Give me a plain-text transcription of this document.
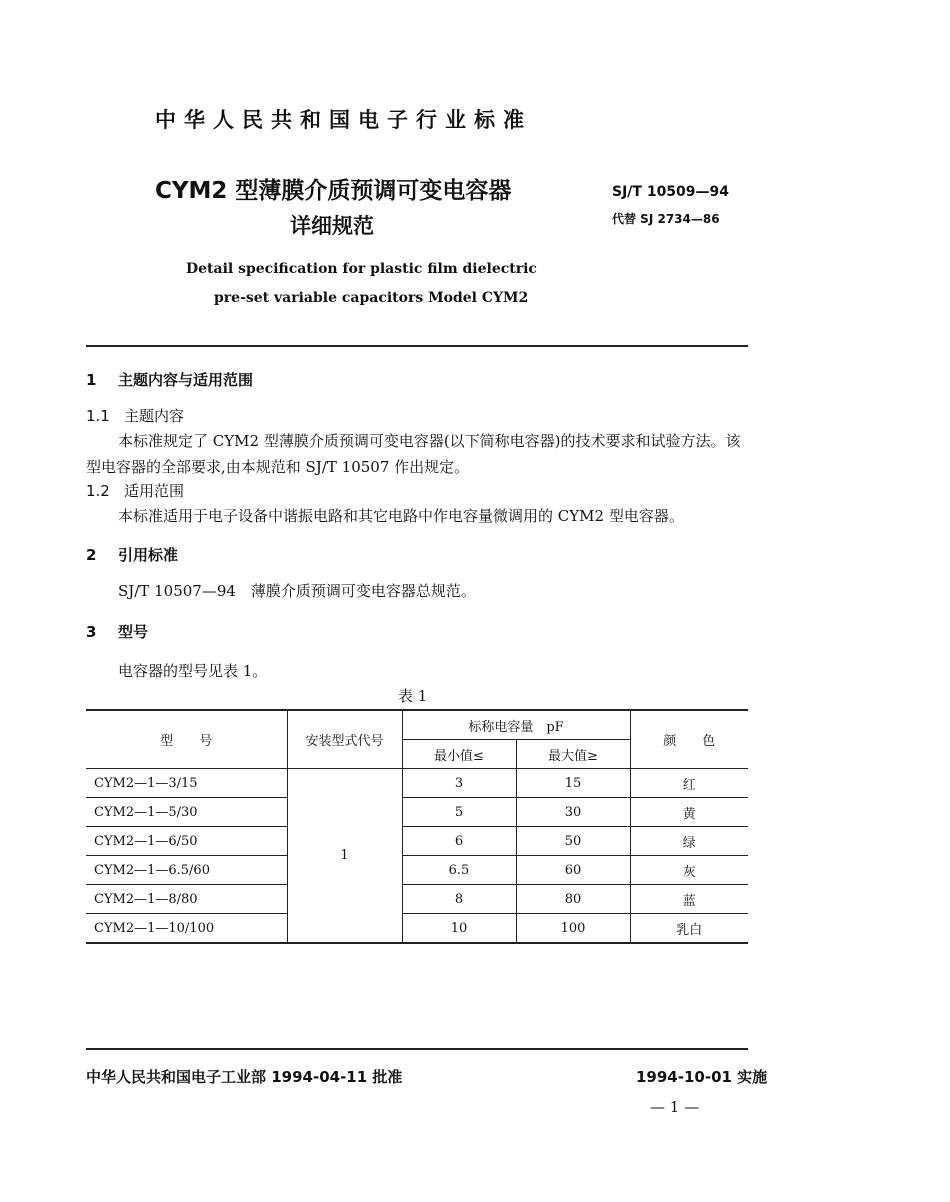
中华人民共和国电子行业标准
CYM2 型薄膜介质预调可变电容器
详细规范
SJ/T 10509—94
代替 SJ 2734—86
Detail specification for plastic film dielectric
pre-set variable capacitors Model CYM2
1 主题内容与适用范围
1.1 主题内容
本标准规定了 CYM2 型薄膜介质预调可变电容器(以下简称电容器)的技术要求和试验方法。该型电容器的全部要求,由本规范和 SJ/T 10507 作出规定。
1.2 适用范围
本标准适用于电子设备中谐振电路和其它电路中作电容量微调用的 CYM2 型电容器。
2 引用标准
SJ/T 10507—94　薄膜介质预调可变电容器总规范。
3 型号
电容器的型号见表 1。
表 1
型　　号	安装型式代号	标称电容量　pF		颜　　色
		最小值≤	最大值≥	
CYM2—1—3/15	1	3	15	红
CYM2—1—5/30		5	30	黄
CYM2—1—6/50		6	50	绿
CYM2—1—6.5/60		6.5	60	灰
CYM2—1—8/80		8	80	蓝
CYM2—1—10/100		10	100	乳白
中华人民共和国电子工业部 1994-04-11 批准	1994-10-01 实施
— 1 —
